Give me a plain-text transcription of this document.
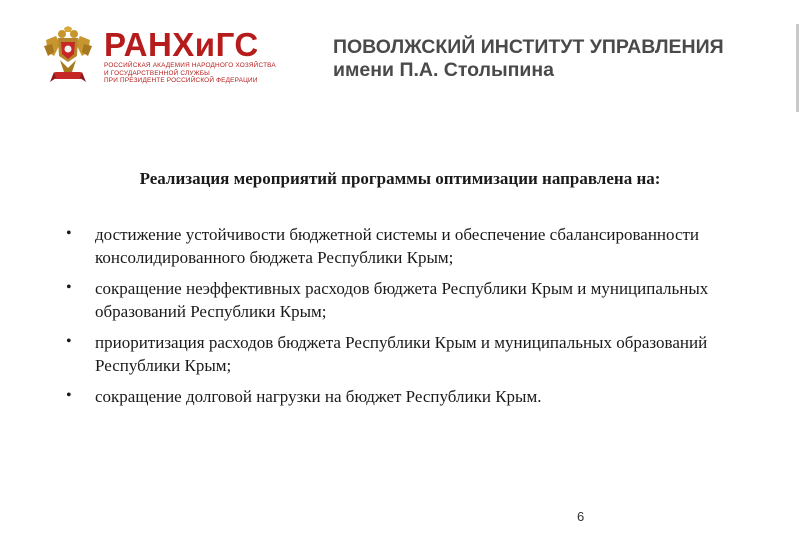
РАНХиГС
РОССИЙСКАЯ АКАДЕМИЯ НАРОДНОГО ХОЗЯЙСТВА
И ГОСУДАРСТВЕННОЙ СЛУЖБЫ
ПРИ ПРЕЗИДЕНТЕ РОССИЙСКОЙ ФЕДЕРАЦИИ
ПОВОЛЖСКИЙ ИНСТИТУТ УПРАВЛЕНИЯ
имени П.А. Столыпина
Реализация мероприятий программы оптимизации направлена на:
• достижение устойчивости бюджетной системы и обеспечение сбалансированности консолидированного бюджета Республики Крым;
• сокращение неэффективных расходов бюджета Республики Крым и муниципальных образований Республики Крым;
• приоритизация расходов бюджета Республики Крым и муниципальных образований Республики Крым;
• сокращение долговой нагрузки на бюджет Республики Крым.
6
